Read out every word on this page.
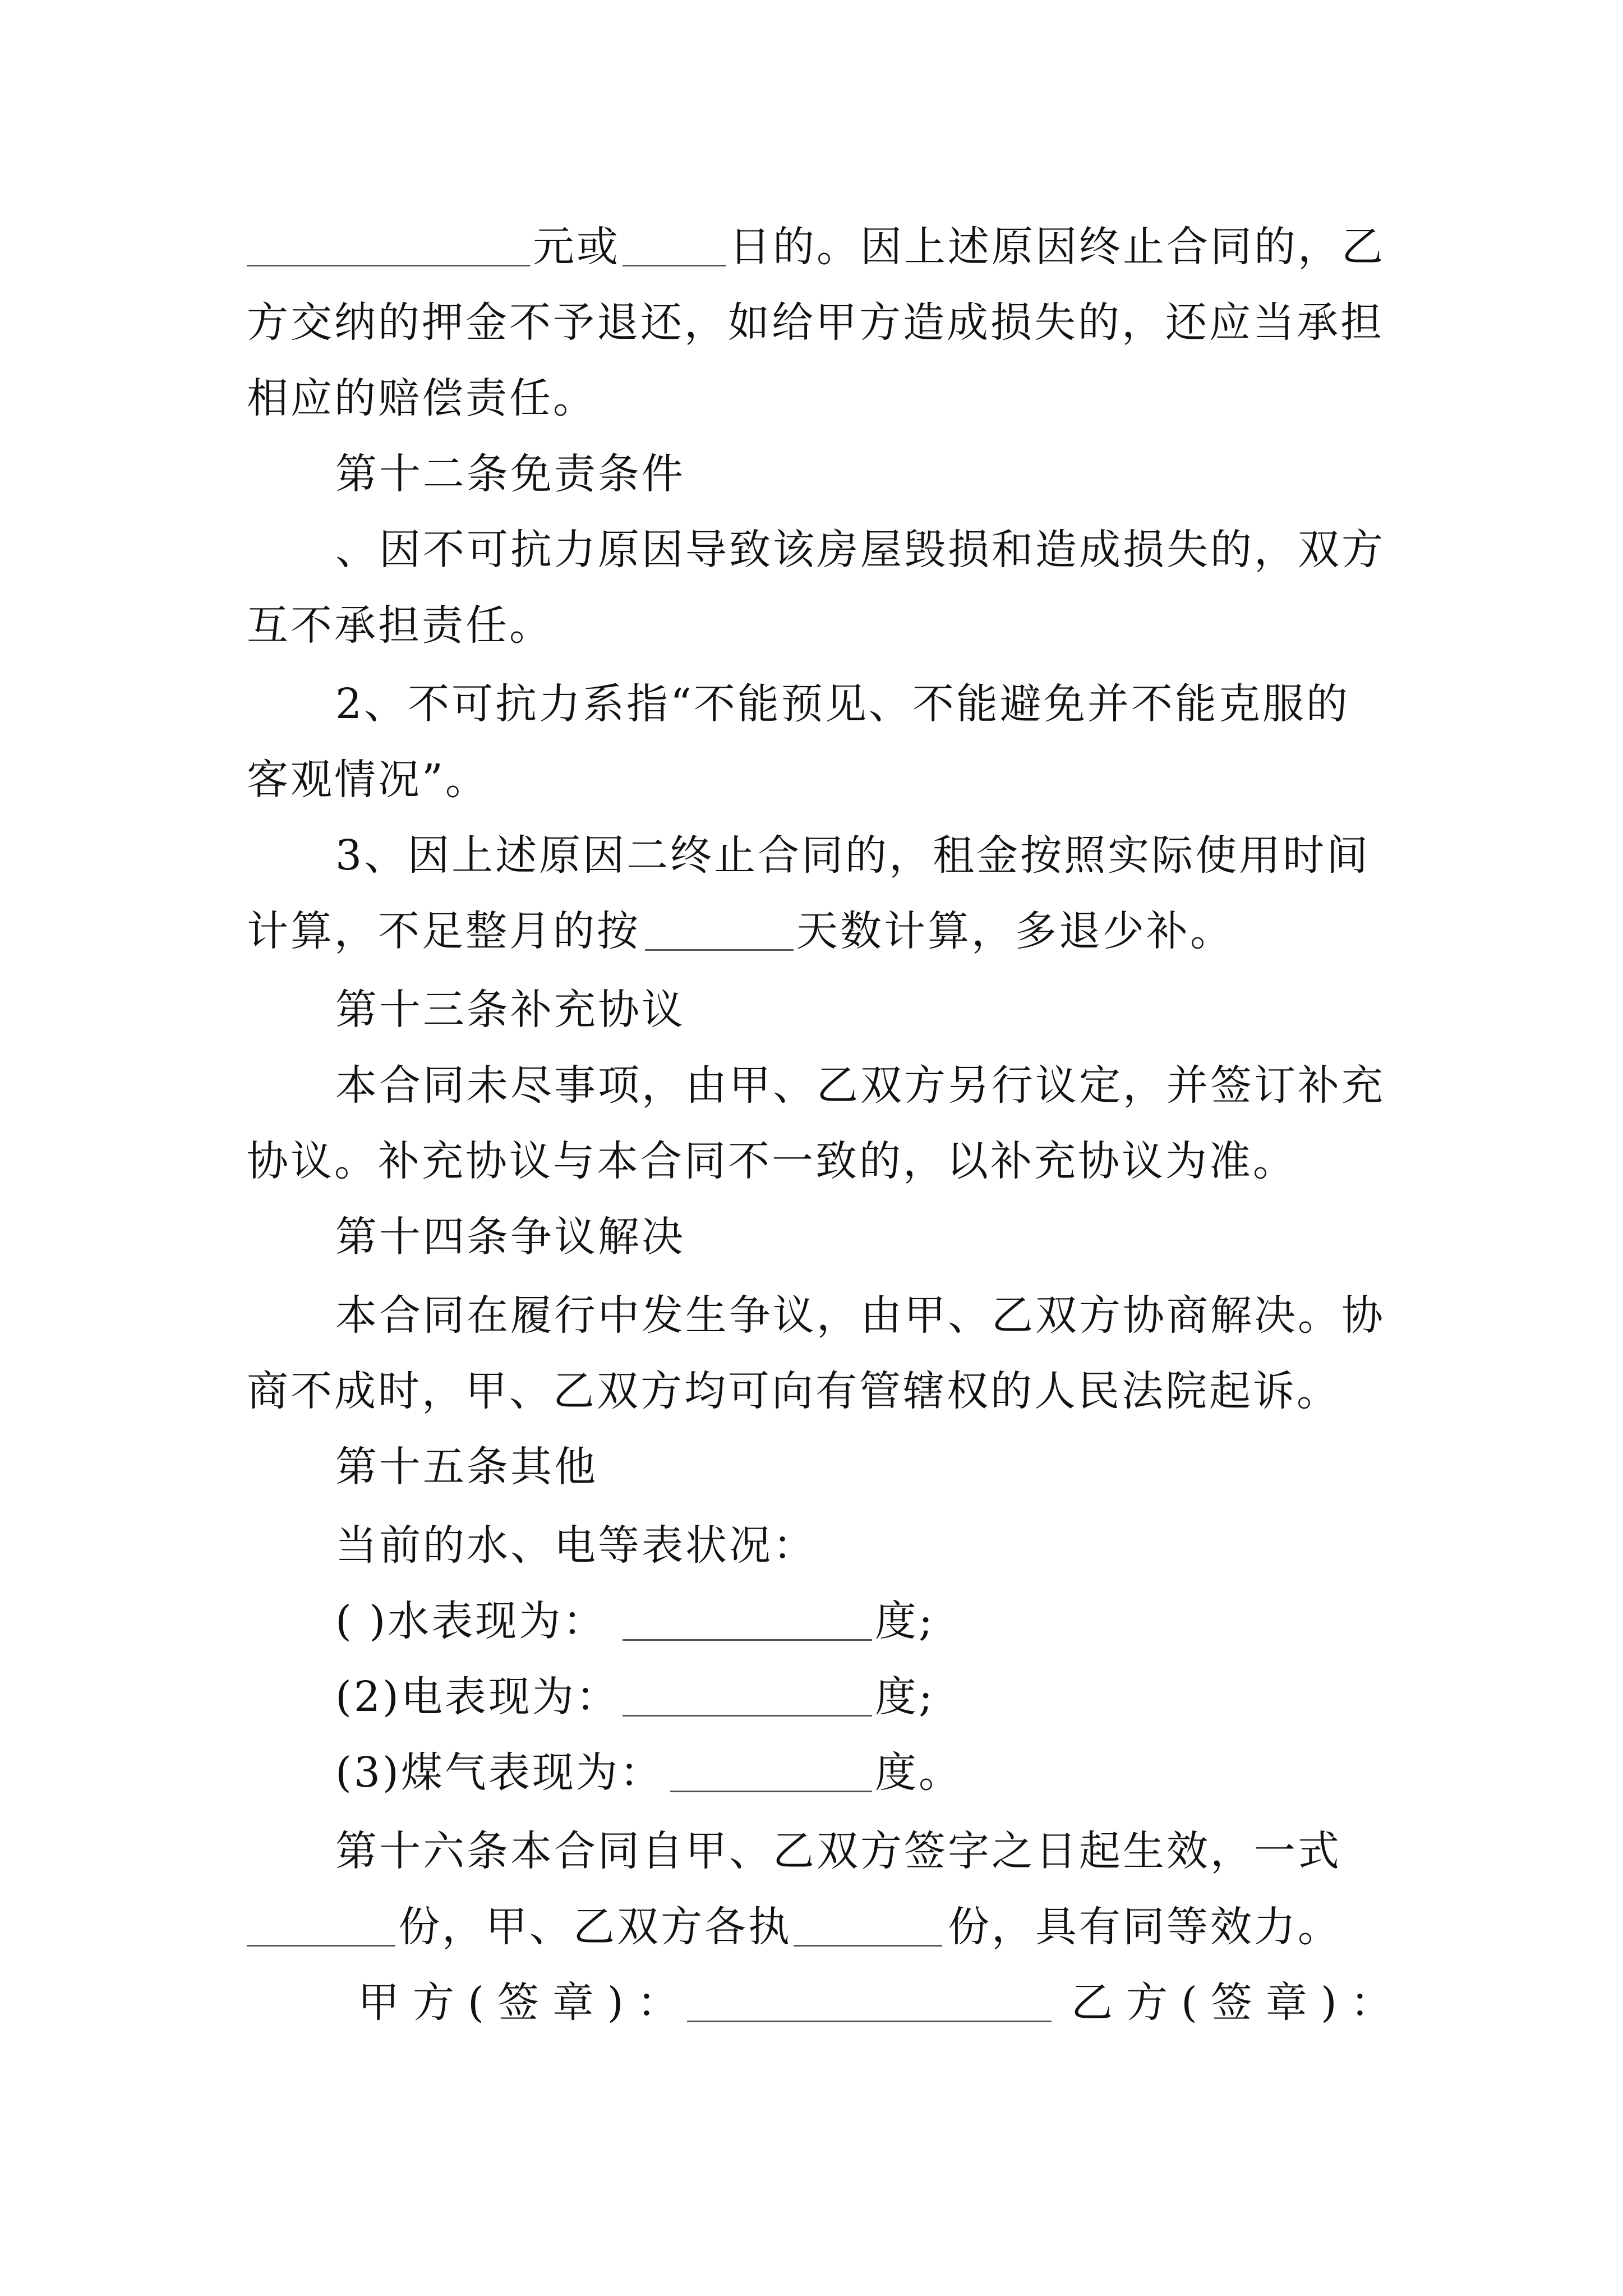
元或	日的。因上述原因终止合同的，乙
方交纳的押金不予退还，如给甲方造成损失的，还应当承担
相应的赔偿责任。
第十二条免责条件
、因不可抗力原因导致该房屋毁损和造成损失的，双方
互不承担责任。
2、不可抗力系指“不能预见、不能避免并不能克服的
客观情况”。
3、因上述原因二终止合同的，租金按照实际使用时间
计算，不足整月的按	天数计算，多退少补。
第十三条补充协议
本合同未尽事项，由甲、乙双方另行议定，并签订补充
协议。补充协议与本合同不一致的，以补充协议为准。
第十四条争议解决
本合同在履行中发生争议，由甲、乙双方协商解决。协
商不成时，甲、乙双方均可向有管辖权的人民法院起诉。
第十五条其他
当前的水、电等表状况：
( )水表现为：	度;
(2)电表现为：	度;
(3)煤气表现为：	度。
第十六条本合同自甲、乙双方签字之日起生效，一式
份，甲、乙双方各执	份，具有同等效力。
甲方(签章)：	乙方(签章)：
